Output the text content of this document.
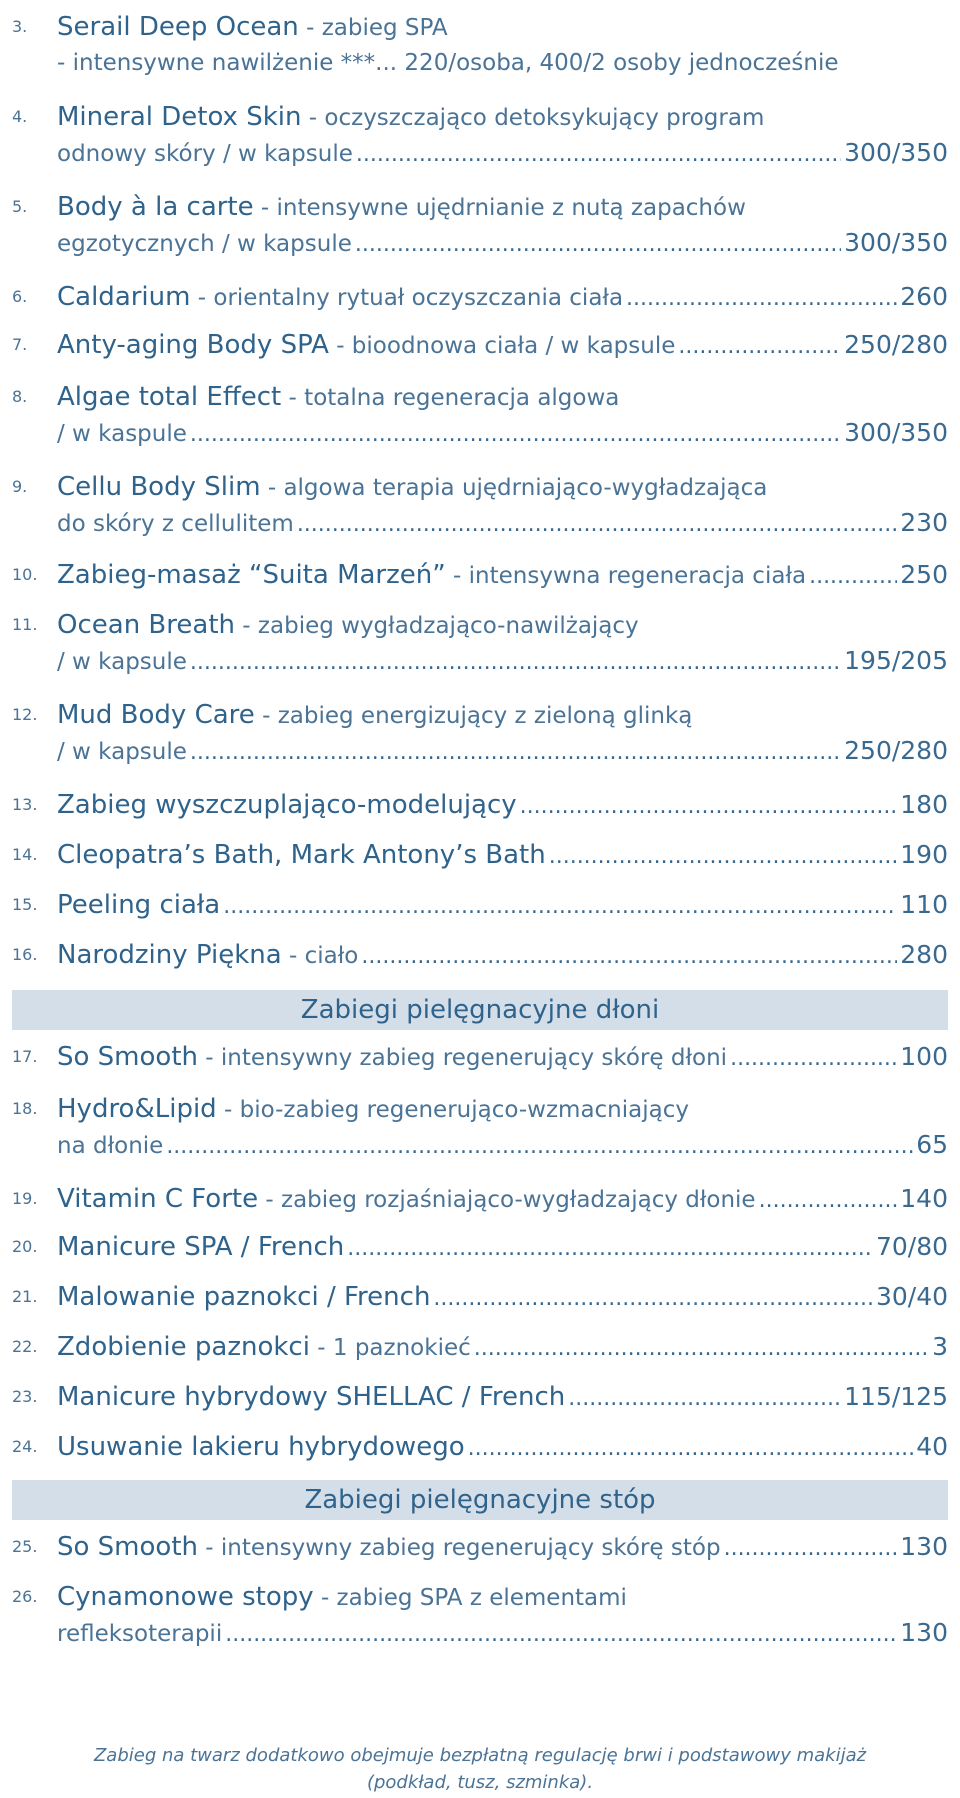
Zabiegi pielęgnacyjne dłoni
Zabiegi pielęgnacyjne stóp
3. Serail Deep Ocean - zabieg SPA
- intensywne nawilżenie ***... 220/osoba, 400/2 osoby jednocześnie
4. Mineral Detox Skin - oczyszczająco detoksykujący program
odnowy skóry / w kapsule .....	300/350
5. Body à la carte - intensywne ujędrnianie z nutą zapachów
egzotycznych / w kapsule .....	300/350
6. Caldarium - orientalny rytuał oczyszczania ciała .....	260
7. Anty-aging Body SPA - bioodnowa ciała / w kapsule .....	250/280
8. Algae total Effect - totalna regeneracja algowa
/ w kaspule .....	300/350
9. Cellu Body Slim - algowa terapia ujędrniająco-wygładzająca
do skóry z cellulitem .....	230
10. Zabieg-masaż “Suita Marzeń” - intensywna regeneracja ciała .....	250
11. Ocean Breath - zabieg wygładzająco-nawilżający
/ w kapsule .....	195/205
12. Mud Body Care - zabieg energizujący z zieloną glinką
/ w kapsule .....	250/280
13. Zabieg wyszczuplająco-modelujący .....	180
14. Cleopatra’s Bath, Mark Antony’s Bath .....	190
15. Peeling ciała .....	110
16. Narodziny Piękna - ciało .....	280
17. So Smooth - intensywny zabieg regenerujący skórę dłoni .....	100
18. Hydro&Lipid - bio-zabieg regenerująco-wzmacniający
na dłonie .....	65
19. Vitamin C Forte - zabieg rozjaśniająco-wygładzający dłonie .....	140
20. Manicure SPA / French .....	70/80
21. Malowanie paznokci / French .....	30/40
22. Zdobienie paznokci - 1 paznokieć .....	3
23. Manicure hybrydowy SHELLAC / French .....	115/125
24. Usuwanie lakieru hybrydowego .....	40
25. So Smooth - intensywny zabieg regenerujący skórę stóp .....	130
26. Cynamonowe stopy - zabieg SPA z elementami
refleksoterapii .....	130
Zabieg na twarz dodatkowo obejmuje bezpłatną regulację brwi i podstawowy makijaż
(podkład, tusz, szminka).
